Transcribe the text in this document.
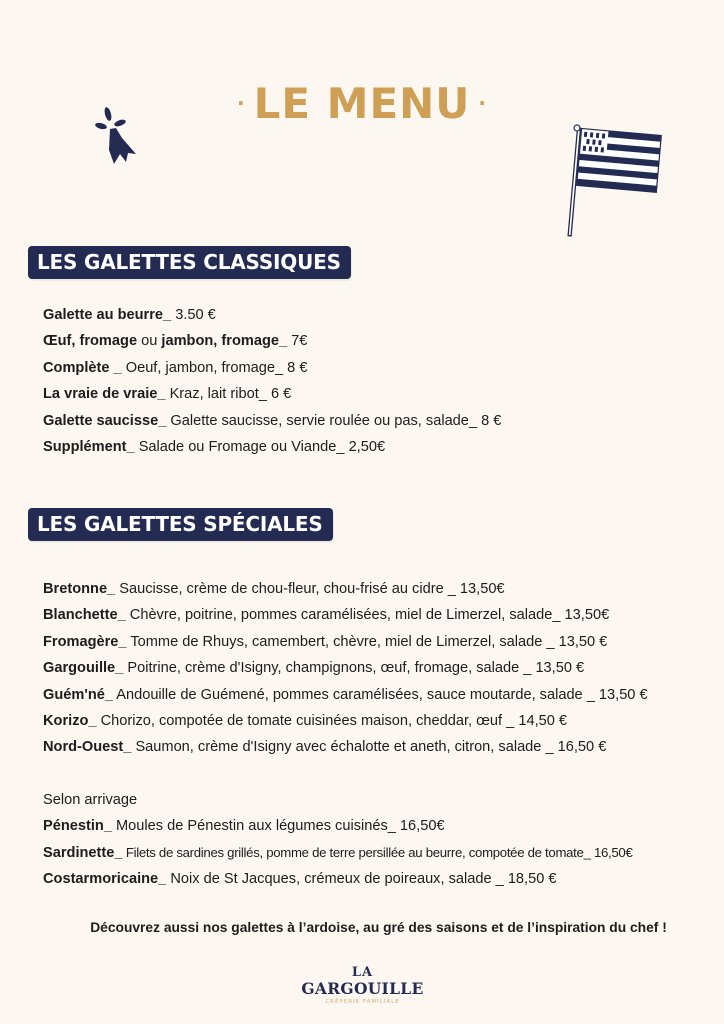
· LE MENU ·
LES GALETTES CLASSIQUES
Galette au beurre_ 3.50 €
Œuf, fromage ou jambon, fromage_ 7€
Complète _ Oeuf, jambon, fromage_ 8 €
La vraie de vraie_ Kraz, lait ribot_ 6 €
Galette saucisse_ Galette saucisse, servie roulée ou pas, salade_ 8 €
Supplément_ Salade ou Fromage ou Viande_ 2,50€
LES GALETTES SPÉCIALES
Bretonne_ Saucisse, crème de chou-fleur, chou-frisé au cidre _ 13,50€
Blanchette_ Chèvre, poitrine, pommes caramélisées, miel de Limerzel, salade_ 13,50€
Fromagère_ Tomme de Rhuys, camembert, chèvre, miel de Limerzel, salade _ 13,50 €
Gargouille_ Poitrine, crème d'Isigny, champignons, œuf, fromage, salade _ 13,50 €
Guém'né_ Andouille de Guémené, pommes caramélisées, sauce moutarde, salade _ 13,50 €
Korizo_ Chorizo, compotée de tomate cuisinées maison, cheddar, œuf _ 14,50 €
Nord-Ouest_ Saumon, crème d'Isigny avec échalotte et aneth, citron, salade _ 16,50 €
Selon arrivage
Pénestin_ Moules de Pénestin aux légumes cuisinés_ 16,50€
Sardinette_ Filets de sardines grillés, pomme de terre persillée au beurre, compotée de tomate_ 16,50€
Costarmoricaine_ Noix de St Jacques, crémeux de poireaux, salade _ 18,50 €
Découvrez aussi nos galettes à l’ardoise, au gré des saisons et de l’inspiration du chef !
LA
GARGOUILLE
CRÊPERIE FAMILIALE
